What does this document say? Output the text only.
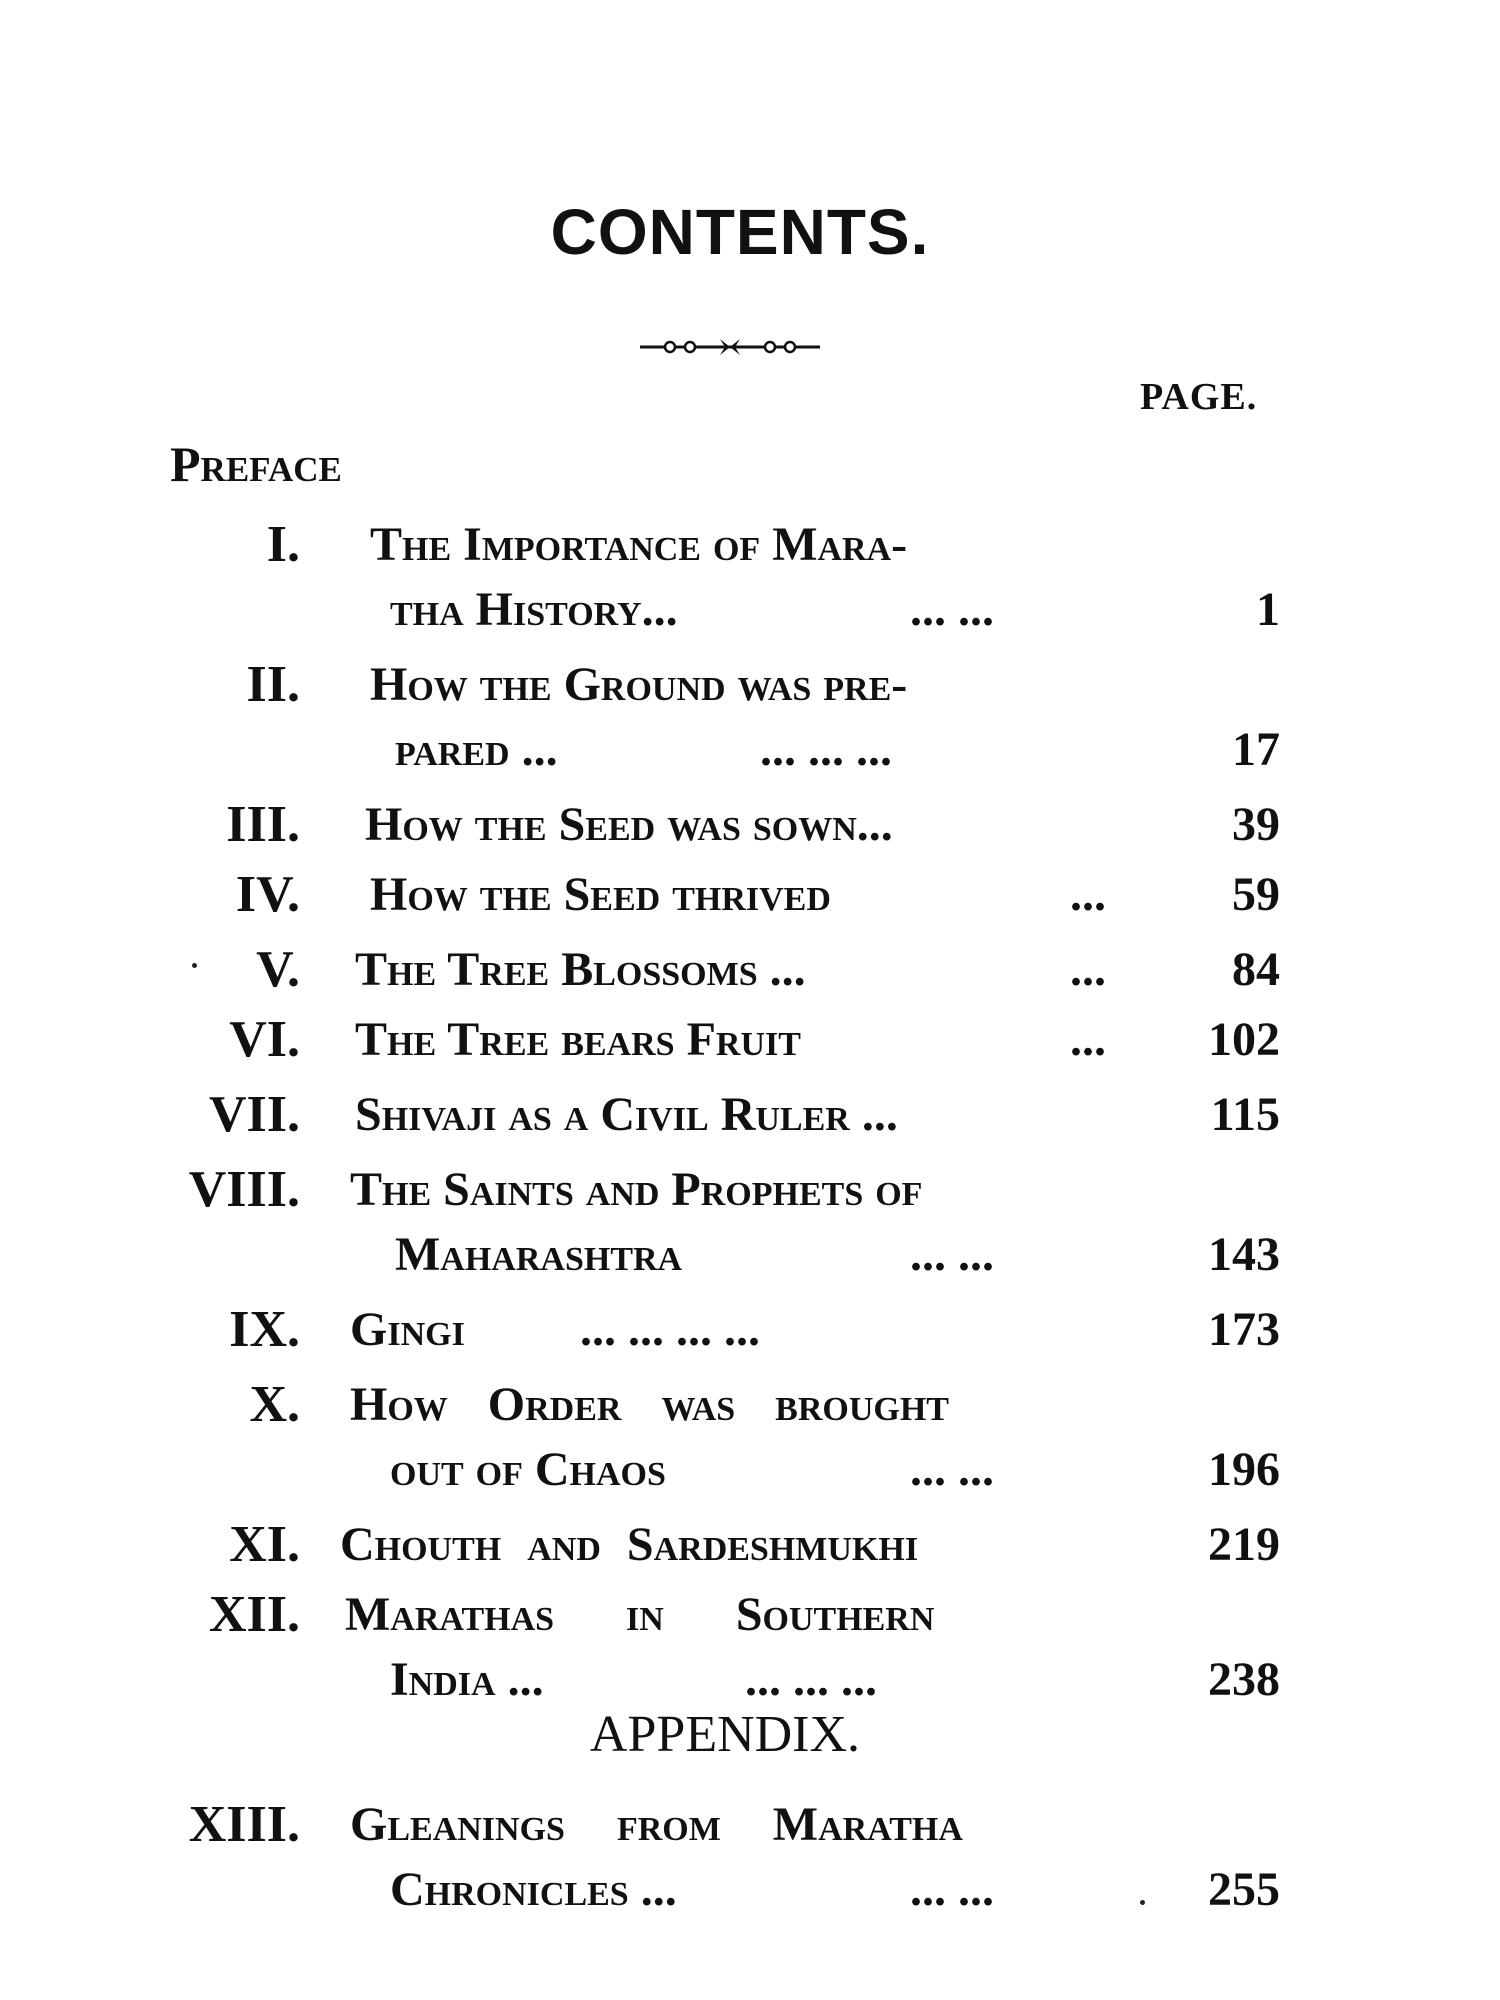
CONTENTS.
PAGE.
Preface
I. The Importance of Mara-
tha History...	... ...	1
II. How the Ground was pre-
pared ...	... ... ...	17
III. How the Seed was sown...	39
IV. How the Seed thrived	...	59
V. The Tree Blossoms ...	...	84
VI. The Tree bears Fruit	...	102
VII. Shivaji as a Civil Ruler ...	115
VIII. The Saints and Prophets of
Maharashtra	... ...	143
IX. Gingi ... ... ... ...	173
X. How Order was brought
out of Chaos	... ...	196
XI. Chouth and Sardeshmukhi	219
XII. Marathas in Southern
India ...	... ... ...	238
APPENDIX.
XIII. Gleanings from Maratha
Chronicles ...	... ...	255
